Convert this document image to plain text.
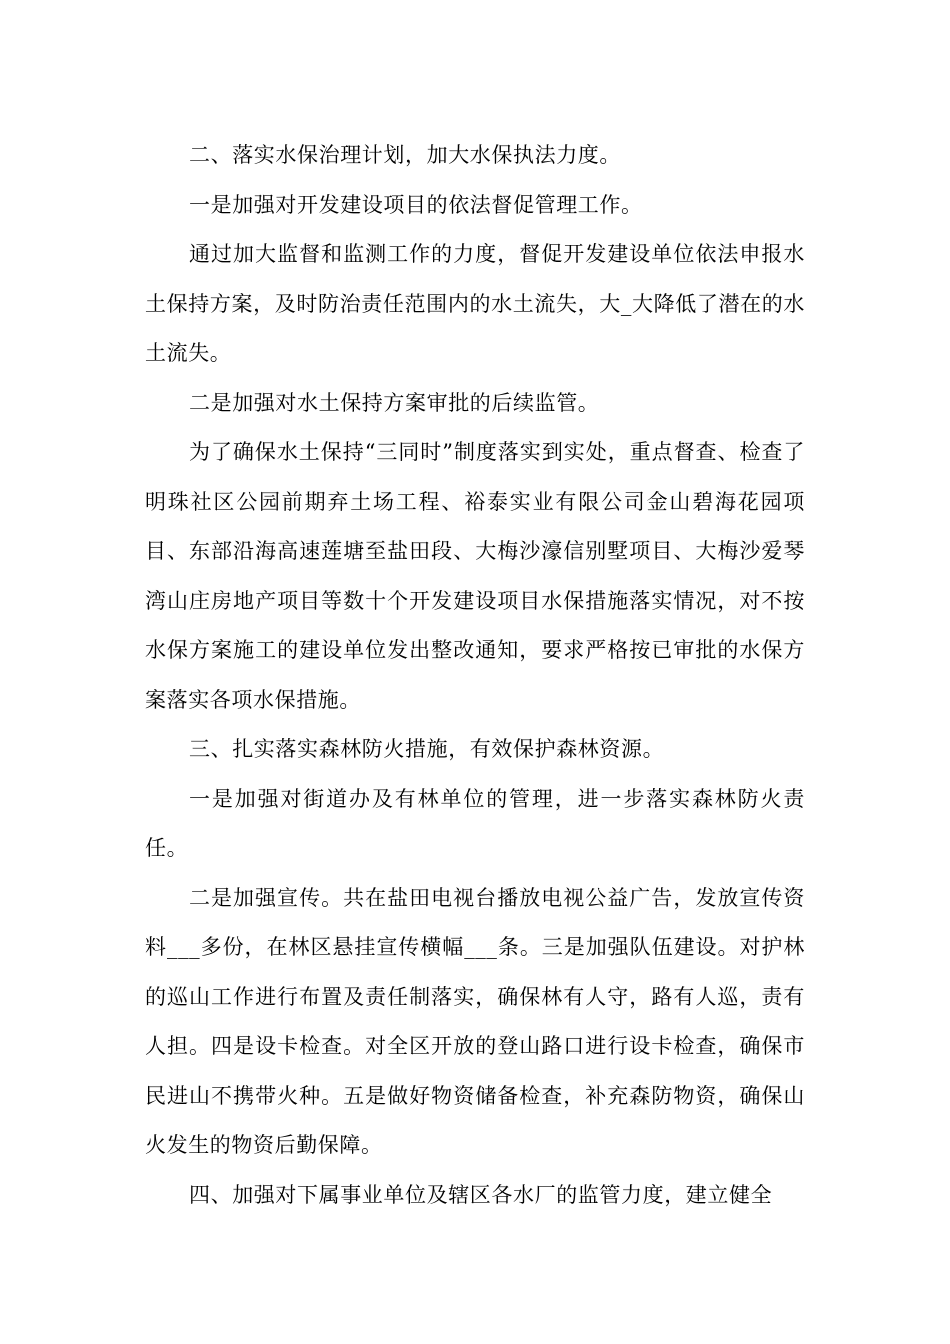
二、落实水保治理计划，加大水保执法力度。

一是加强对开发建设项目的依法督促管理工作。

通过加大监督和监测工作的力度，督促开发建设单位依法申报水土保持方案，及时防治责任范围内的水土流失，大_大降低了潜在的水土流失。

二是加强对水土保持方案审批的后续监管。

为了确保水土保持“三同时”制度落实到实处，重点督查、检查了明珠社区公园前期弃土场工程、裕泰实业有限公司金山碧海花园项目、东部沿海高速莲塘至盐田段、大梅沙濠信别墅项目、大梅沙爱琴湾山庄房地产项目等数十个开发建设项目水保措施落实情况，对不按水保方案施工的建设单位发出整改通知，要求严格按已审批的水保方案落实各项水保措施。

三、扎实落实森林防火措施，有效保护森林资源。

一是加强对街道办及有林单位的管理，进一步落实森林防火责任。

二是加强宣传。共在盐田电视台播放电视公益广告，发放宣传资料___多份，在林区悬挂宣传横幅___条。三是加强队伍建设。对护林的巡山工作进行布置及责任制落实，确保林有人守，路有人巡，责有人担。四是设卡检查。对全区开放的登山路口进行设卡检查，确保市民进山不携带火种。五是做好物资储备检查，补充森防物资，确保山火发生的物资后勤保障。

四、加强对下属事业单位及辖区各水厂的监管力度，建立健全
